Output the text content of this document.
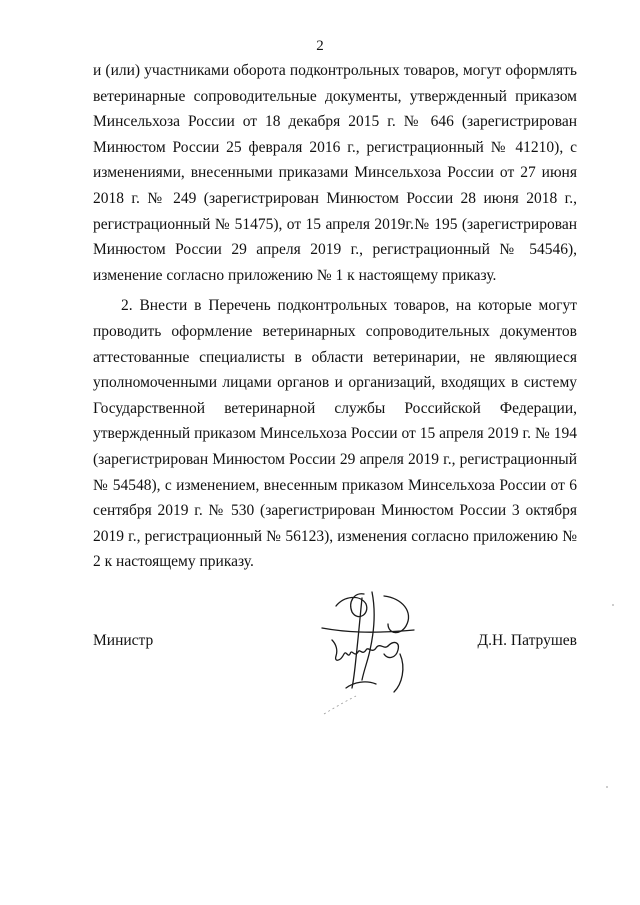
2

и (или) участниками оборота подконтрольных товаров, могут оформлять ветеринарные сопроводительные документы, утвержденный приказом Минсельхоза России от 18 декабря 2015 г. № 646 (зарегистрирован Минюстом России 25 февраля 2016 г., регистрационный № 41210), с изменениями, внесенными приказами Минсельхоза России от 27 июня 2018 г. № 249 (зарегистрирован Минюстом России 28 июня 2018 г., регистрационный № 51475), от 15 апреля 2019г.№ 195 (зарегистрирован Минюстом России 29 апреля 2019 г., регистрационный № 54546), изменение согласно приложению № 1 к настоящему приказу.

2. Внести в Перечень подконтрольных товаров, на которые могут проводить оформление ветеринарных сопроводительных документов аттестованные специалисты в области ветеринарии, не являющиеся уполномоченными лицами органов и организаций, входящих в систему Государственной ветеринарной службы Российской Федерации, утвержденный приказом Минсельхоза России от 15 апреля 2019 г. № 194 (зарегистрирован Минюстом России 29 апреля 2019 г., регистрационный № 54548), с изменением, внесенным приказом Минсельхоза России от 6 сентября 2019 г. № 530 (зарегистрирован Минюстом России 3 октября 2019 г., регистрационный № 56123), изменения согласно приложению № 2 к настоящему приказу.

Министр	Д.Н. Патрушев
